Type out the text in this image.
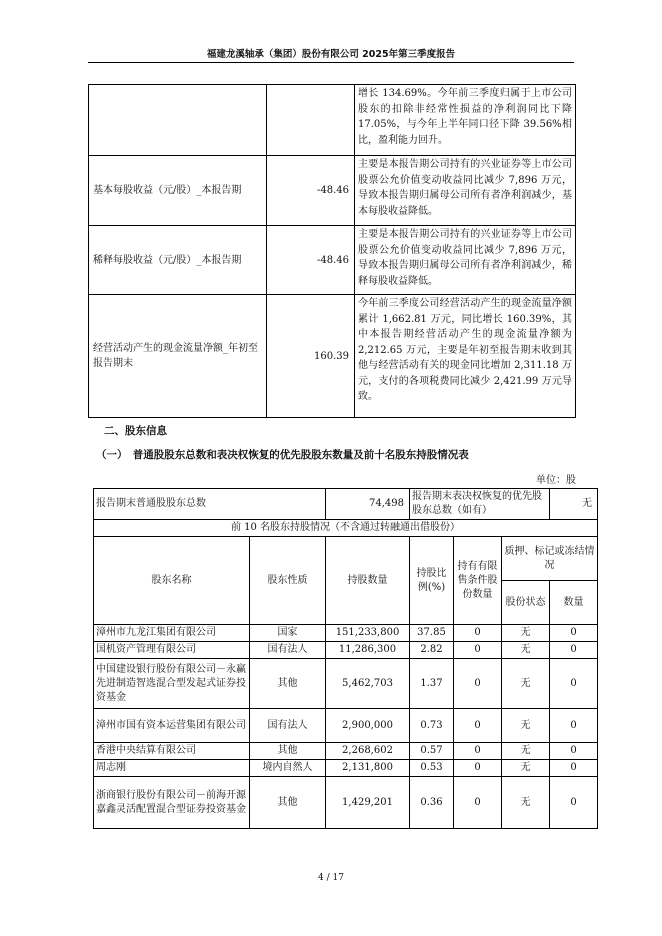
福建龙溪轴承（集团）股份有限公司 2025年第三季度报告
		增长 134.69%。今年前三季度归属于上市公司股东的扣除非经常性损益的净利润同比下降17.05%，与今年上半年同口径下降 39.56%相比，盈利能力回升。
基本每股收益（元/股）_本报告期	-48.46	主要是本报告期公司持有的兴业证券等上市公司股票公允价值变动收益同比减少 7,896 万元，导致本报告期归属母公司所有者净利润减少，基本每股收益降低。
稀释每股收益（元/股）_本报告期	-48.46	主要是本报告期公司持有的兴业证券等上市公司股票公允价值变动收益同比减少 7,896 万元，导致本报告期归属母公司所有者净利润减少，稀释每股收益降低。
经营活动产生的现金流量净额_年初至报告期末	160.39	今年前三季度公司经营活动产生的现金流量净额累计 1,662.81 万元，同比增长 160.39%，其中本报告期经营活动产生的现金流量净额为2,212.65 万元，主要是年初至报告期末收到其他与经营活动有关的现金同比增加 2,311.18 万元，支付的各项税费同比减少 2,421.99 万元导致。
二、股东信息
（一）　普通股股东总数和表决权恢复的优先股股东数量及前十名股东持股情况表
单位：股
报告期末普通股股东总数		74,498	报告期末表决权恢复的优先股股东总数（如有）			无
前 10 名股东持股情况（不含通过转融通出借股份）						
股东名称	股东性质	持股数量	持股比例(%)	持有有限售条件股份数量	质押、标记或冻结情况	
					股份状态	数量
漳州市九龙江集团有限公司	国家	151,233,800	37.85	0	无	0
国机资产管理有限公司	国有法人	11,286,300	2.82	0	无	0
中国建设银行股份有限公司－永赢先进制造智选混合型发起式证券投资基金	其他	5,462,703	1.37	0	无	0
漳州市国有资本运营集团有限公司	国有法人	2,900,000	0.73	0	无	0
香港中央结算有限公司	其他	2,268,602	0.57	0	无	0
周志刚	境内自然人	2,131,800	0.53	0	无	0
浙商银行股份有限公司－前海开源嘉鑫灵活配置混合型证券投资基金	其他	1,429,201	0.36	0	无	0
4 / 17
